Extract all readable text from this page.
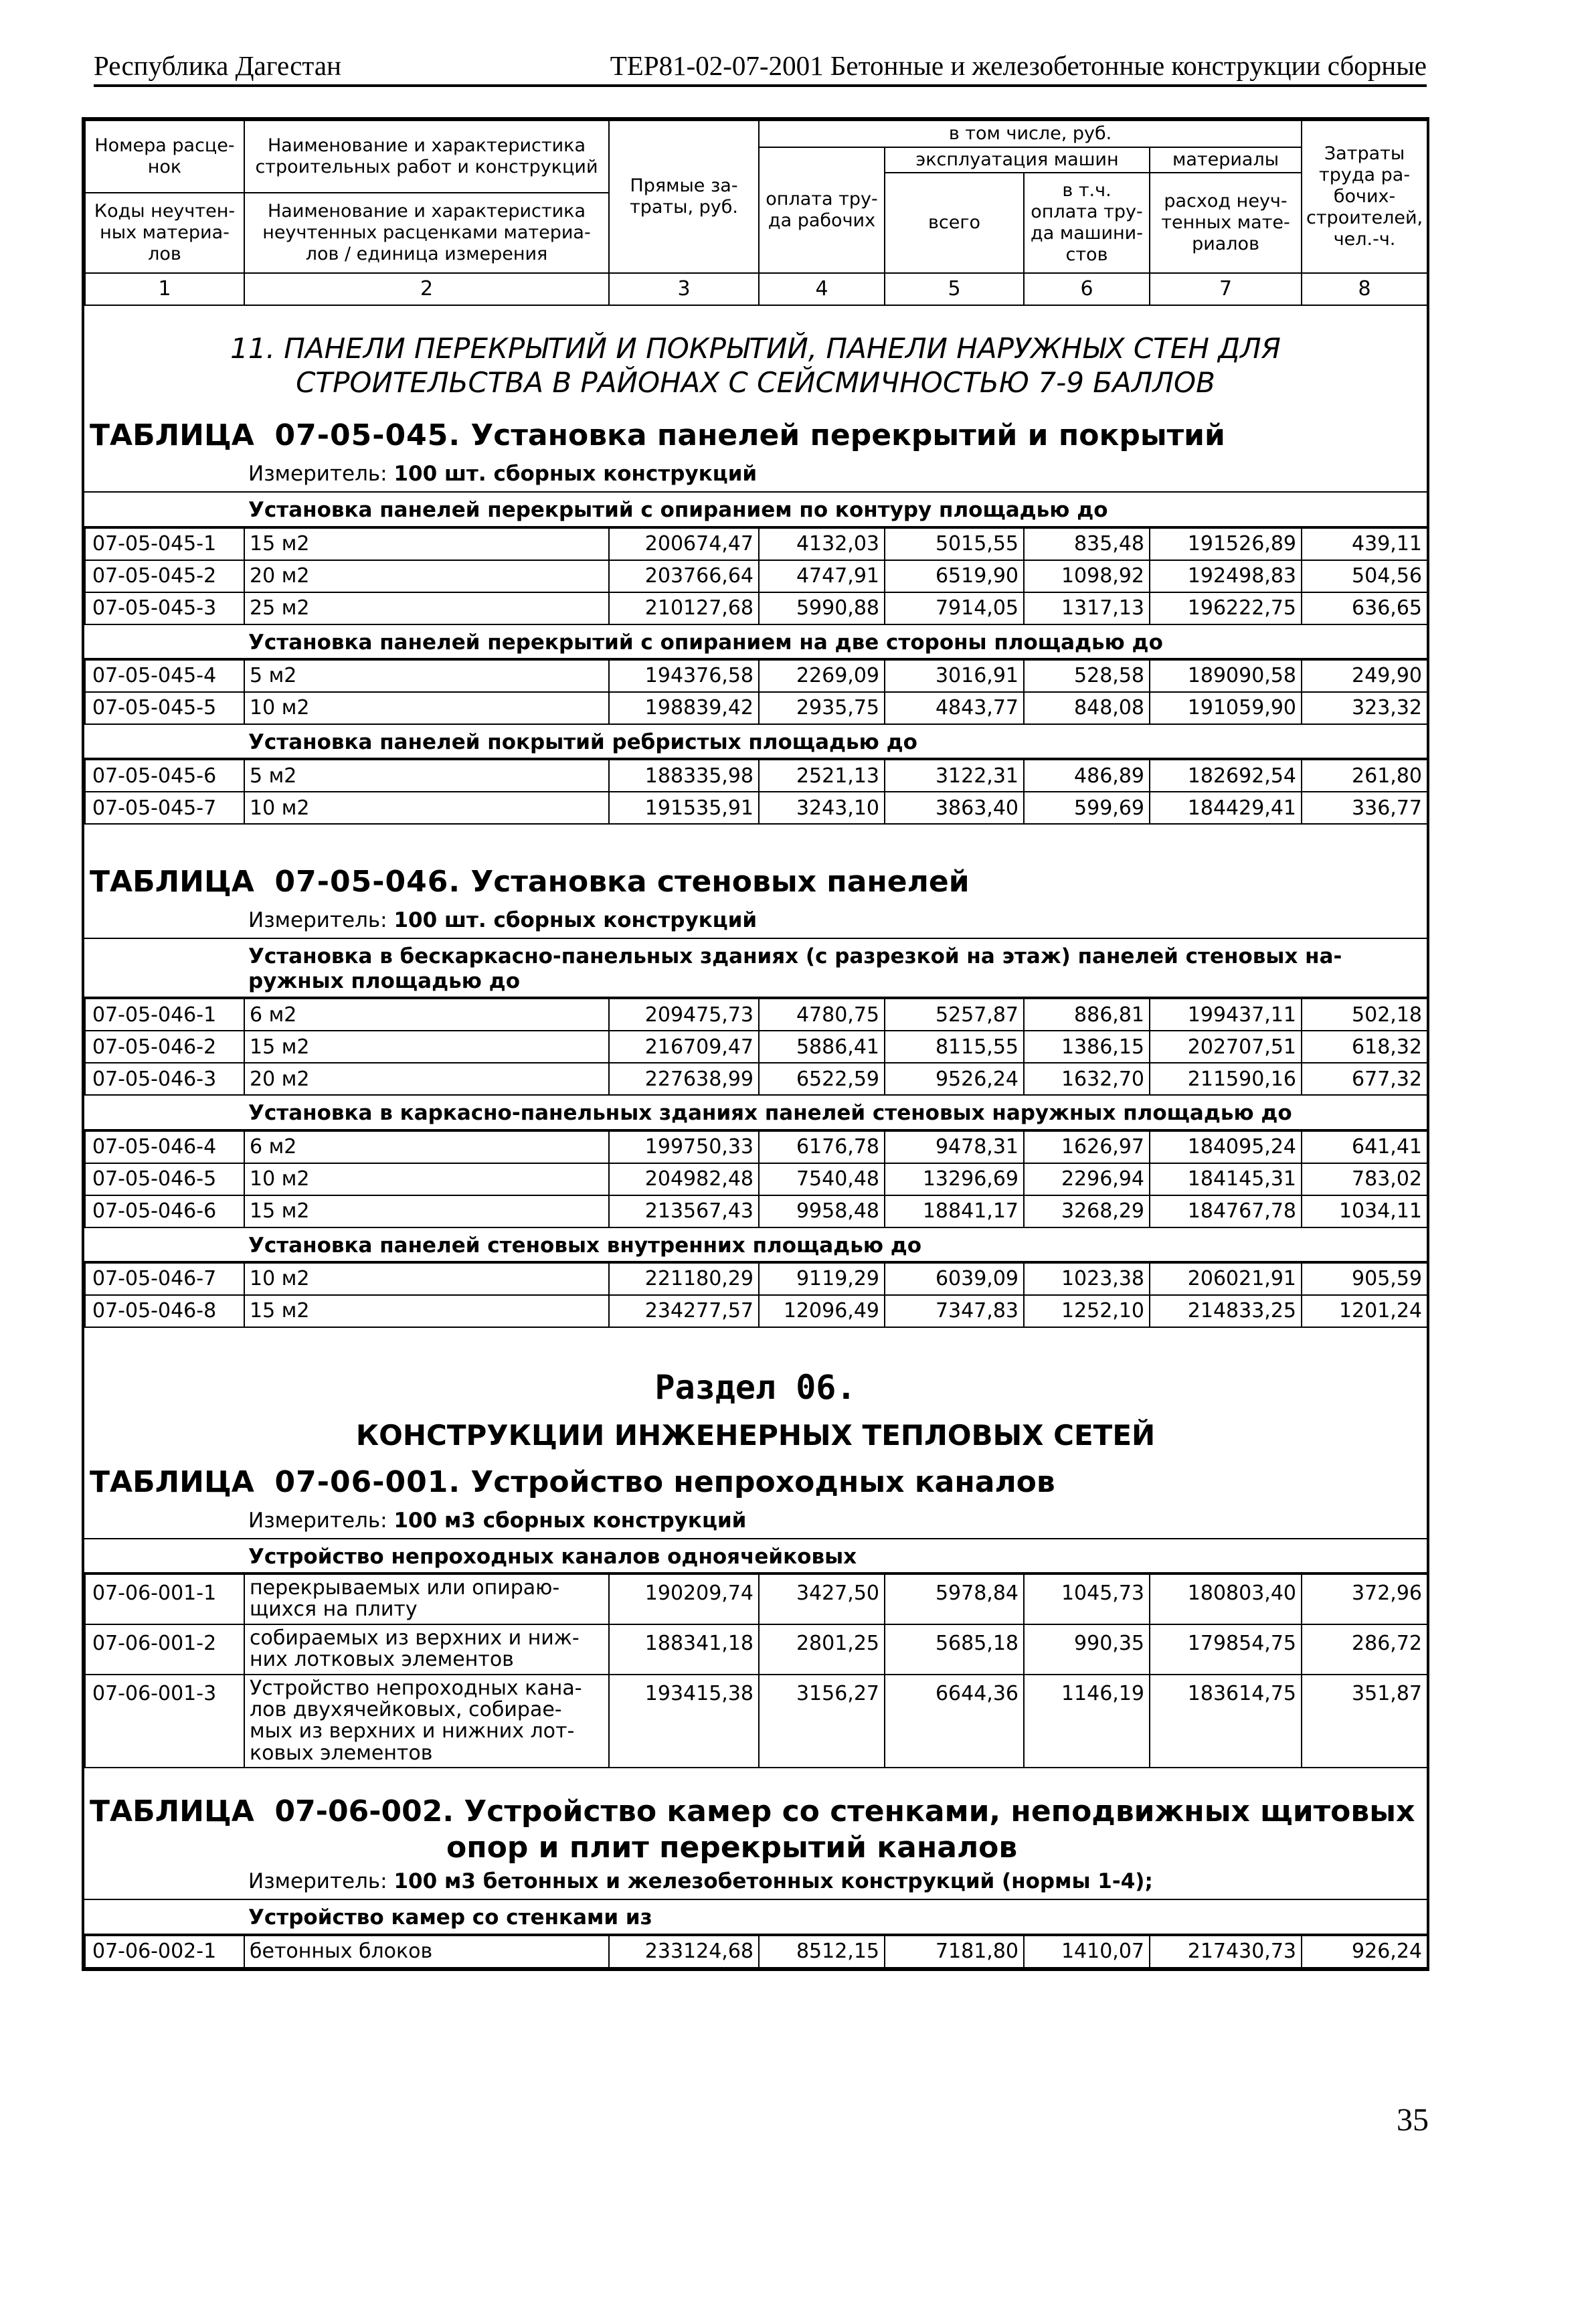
Республика Дагестан	ТЕР81-02-07-2001 Бетонные и железобетонные конструкции сборные
Номера расце-нок	Наименование и характеристика строительных работ и конструкций	Прямые за-траты, руб.	в том числе, руб.				Затраты труда ра-бочих-строителей, чел.-ч.
			оплата тру-да рабочих	эксплуатация машин		материалы	
				всего	в т.ч. оплата тру-да машини-стов	расход неуч-тенных мате-риалов	
Коды неучтен-ных материа-лов	Наименование и характеристика неучтенных расценками материа-лов / единица измерения						

1	2	3	4	5	6	7	8
11. ПАНЕЛИ ПЕРЕКРЫТИЙ И ПОКРЫТИЙ, ПАНЕЛИ НАРУЖНЫХ СТЕН ДЛЯ
СТРОИТЕЛЬСТВА В РАЙОНАХ С СЕЙСМИЧНОСТЬЮ 7-9 БАЛЛОВ
ТАБЛИЦА 07-05-045. Установка панелей перекрытий и покрытий
Измеритель: 100 шт. сборных конструкций
Установка панелей перекрытий с опиранием по контуру площадью до
07-05-045-1	15 м2	200674,47	4132,03	5015,55	835,48	191526,89	439,11
07-05-045-2	20 м2	203766,64	4747,91	6519,90	1098,92	192498,83	504,56
07-05-045-3	25 м2	210127,68	5990,88	7914,05	1317,13	196222,75	636,65
Установка панелей перекрытий с опиранием на две стороны площадью до
07-05-045-4	5 м2	194376,58	2269,09	3016,91	528,58	189090,58	249,90
07-05-045-5	10 м2	198839,42	2935,75	4843,77	848,08	191059,90	323,32
Установка панелей покрытий ребристых площадью до
07-05-045-6	5 м2	188335,98	2521,13	3122,31	486,89	182692,54	261,80
07-05-045-7	10 м2	191535,91	3243,10	3863,40	599,69	184429,41	336,77
ТАБЛИЦА 07-05-046. Установка стеновых панелей
Измеритель: 100 шт. сборных конструкций
Установка в бескаркасно-панельных зданиях (с разрезкой на этаж) панелей стеновых на-
ружных площадью до
07-05-046-1	6 м2	209475,73	4780,75	5257,87	886,81	199437,11	502,18
07-05-046-2	15 м2	216709,47	5886,41	8115,55	1386,15	202707,51	618,32
07-05-046-3	20 м2	227638,99	6522,59	9526,24	1632,70	211590,16	677,32
Установка в каркасно-панельных зданиях панелей стеновых наружных площадью до
07-05-046-4	6 м2	199750,33	6176,78	9478,31	1626,97	184095,24	641,41
07-05-046-5	10 м2	204982,48	7540,48	13296,69	2296,94	184145,31	783,02
07-05-046-6	15 м2	213567,43	9958,48	18841,17	3268,29	184767,78	1034,11
Установка панелей стеновых внутренних площадью до
07-05-046-7	10 м2	221180,29	9119,29	6039,09	1023,38	206021,91	905,59
07-05-046-8	15 м2	234277,57	12096,49	7347,83	1252,10	214833,25	1201,24
Раздел 06.
КОНСТРУКЦИИ ИНЖЕНЕРНЫХ ТЕПЛОВЫХ СЕТЕЙ
ТАБЛИЦА 07-06-001. Устройство непроходных каналов
Измеритель: 100 м3 сборных конструкций
Устройство непроходных каналов одноячейковых
07-06-001-1	перекрываемых или опираю-щихся на плиту	190209,74	3427,50	5978,84	1045,73	180803,40	372,96
07-06-001-2	собираемых из верхних и ниж-них лотковых элементов	188341,18	2801,25	5685,18	990,35	179854,75	286,72
07-06-001-3	Устройство непроходных кана-лов двухячейковых, собирае-мых из верхних и нижних лот-ковых элементов	193415,38	3156,27	6644,36	1146,19	183614,75	351,87
ТАБЛИЦА 07-06-002. Устройство камер со стенками, неподвижных щитовых
опор и плит перекрытий каналов
Измеритель: 100 м3 бетонных и железобетонных конструкций (нормы 1-4);
Устройство камер со стенками из
07-06-002-1	бетонных блоков	233124,68	8512,15	7181,80	1410,07	217430,73	926,24
35
